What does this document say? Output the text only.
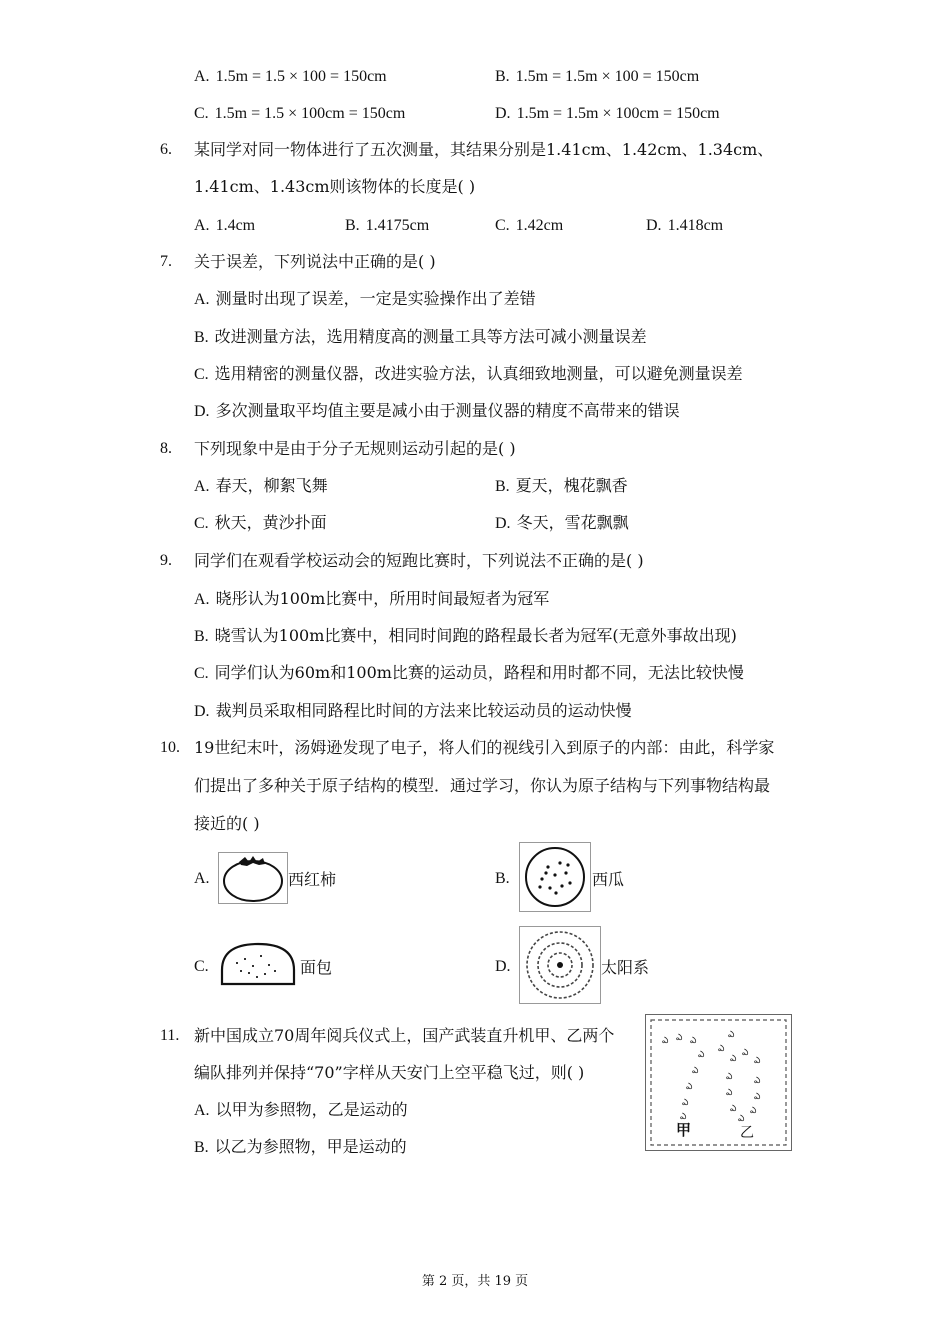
A. 1.5m = 1.5 × 100 = 150cm	B. 1.5m = 1.5m × 100 = 150cm
C. 1.5m = 1.5 × 100cm = 150cm	D. 1.5m = 1.5m × 100cm = 150cm
6. 某同学对同一物体进行了五次测量，其结果分别是1.41cm、1.42cm、1.34cm、
1.41cm、1.43cm则该物体的长度是( )
A. 1.4cm	B. 1.4175cm	C. 1.42cm	D. 1.418cm
7. 关于误差，下列说法中正确的是( )
A. 测量时出现了误差，一定是实验操作出了差错
B. 改进测量方法，选用精度高的测量工具等方法可减小测量误差
C. 选用精密的测量仪器，改进实验方法，认真细致地测量，可以避免测量误差
D. 多次测量取平均值主要是减小由于测量仪器的精度不高带来的错误
8. 下列现象中是由于分子无规则运动引起的是( )
A. 春天，柳絮飞舞	B. 夏天，槐花飘香
C. 秋天，黄沙扑面	D. 冬天，雪花飘飘
9. 同学们在观看学校运动会的短跑比赛时，下列说法不正确的是( )
A. 晓彤认为100m比赛中，所用时间最短者为冠军
B. 晓雪认为100m比赛中，相同时间跑的路程最长者为冠军(无意外事故出现)
C. 同学们认为60m和100m比赛的运动员，路程和用时都不同，无法比较快慢
D. 裁判员采取相同路程比时间的方法来比较运动员的运动快慢
10. 19世纪末叶，汤姆逊发现了电子，将人们的视线引入到原子的内部：由此，科学家
们提出了多种关于原子结构的模型．通过学习，你认为原子结构与下列事物结构最
接近的( )
A.	西红柿	B.	西瓜
C.	面包	D.	太阳系
11. 新中国成立70周年阅兵仪式上，国产武装直升机甲、乙两个
编队排列并保持“70”字样从天安门上空平稳飞过，则( )
A. 以甲为参照物，乙是运动的
B. 以乙为参照物，甲是运动的
ఎ ఎ ఎ
ఎ
ఎ
ఎ
ఎ
ఎ
ఎ
ఎ ఎ
ఎ ఎ
ఎ ఎ
ఎ ఎ
ఎ ఎ
ఎ
甲	乙
第 2 页，共 19 页
